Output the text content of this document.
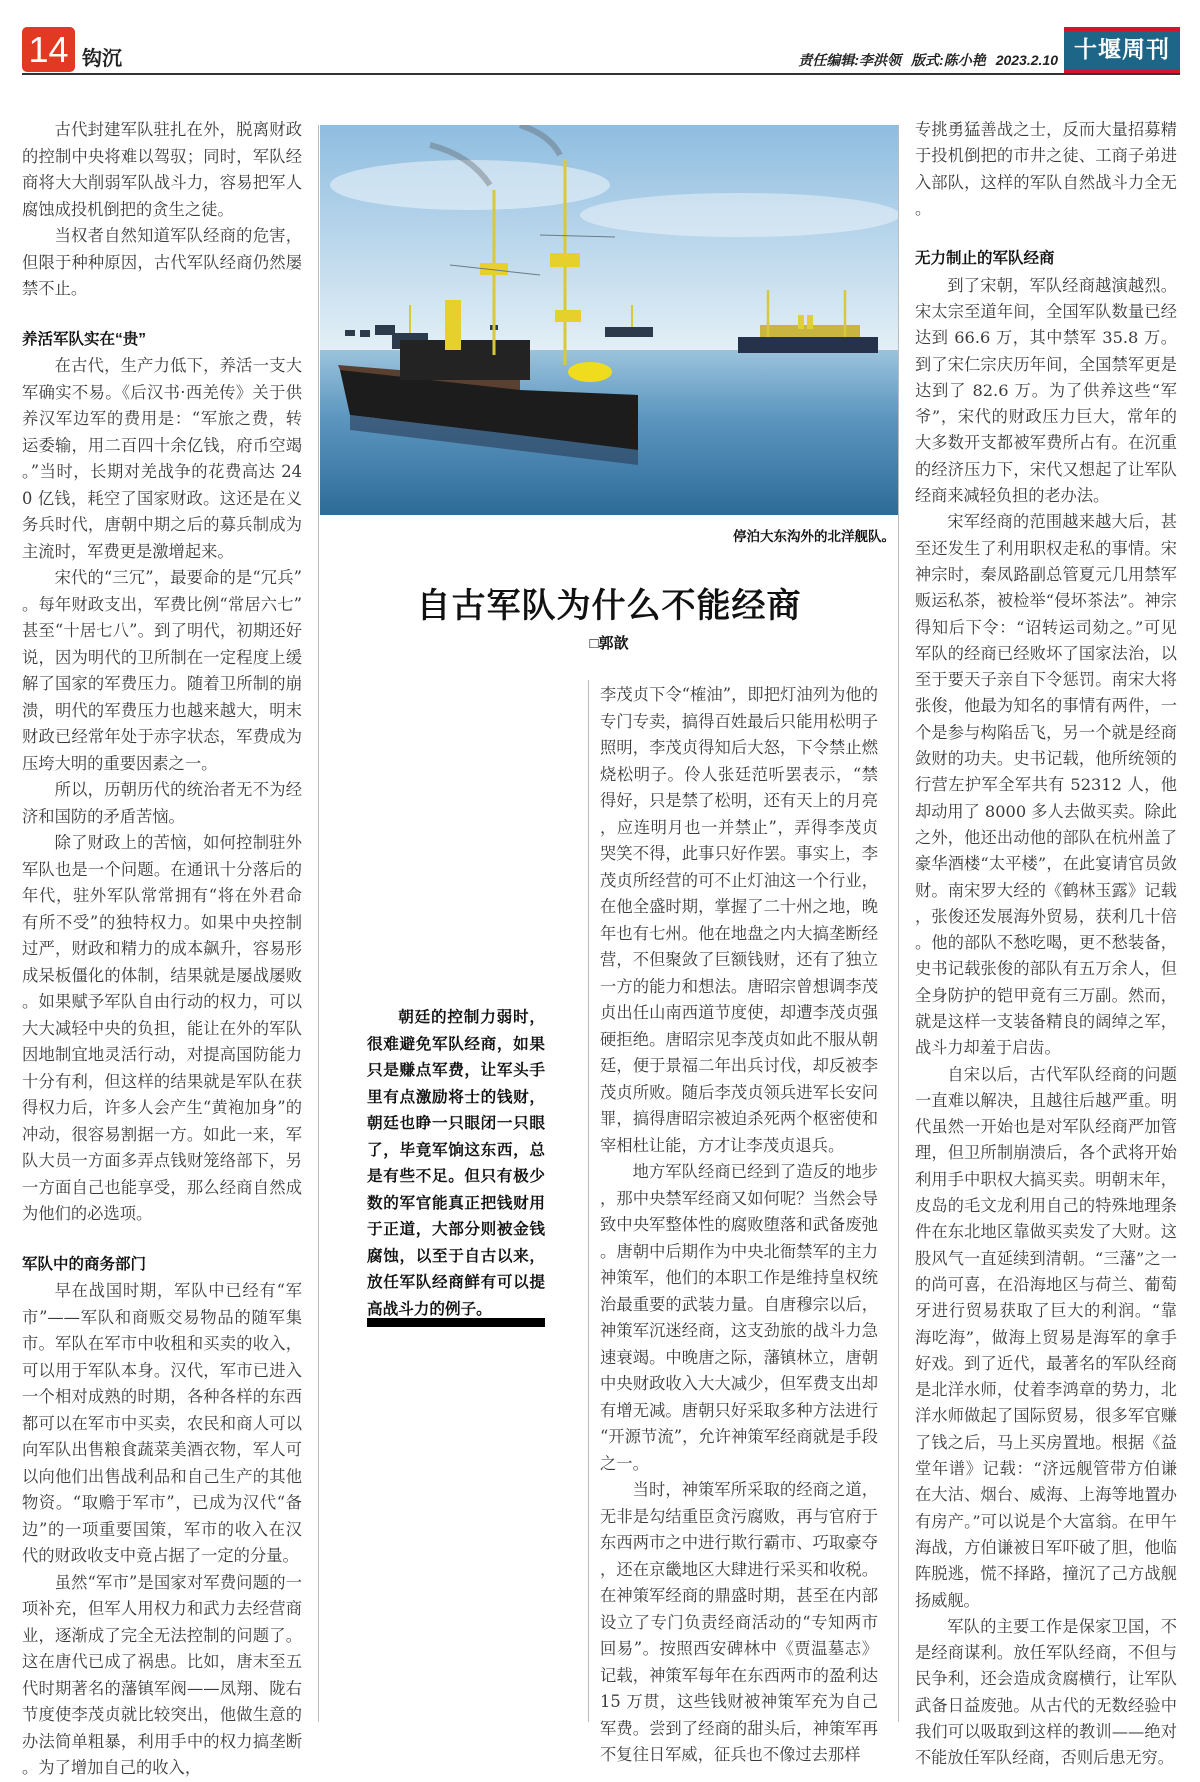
14 钩沉	责任编辑:李洪领 版式:陈小艳 2023.2.10 十堰周刊

古代封建军队驻扎在外，脱离财政的控制中央将难以驾驭；同时，军队经商将大大削弱军队战斗力，容易把军人腐蚀成投机倒把的贪生之徒。

当权者自然知道军队经商的危害，但限于种种原因，古代军队经商仍然屡禁不止。

养活军队实在“贵”

在古代，生产力低下，养活一支大军确实不易。《后汉书·西羌传》关于供养汉军边军的费用是：“军旅之费，转运委输，用二百四十余亿钱，府币空竭。”当时，长期对羌战争的花费高达 240 亿钱，耗空了国家财政。这还是在义务兵时代，唐朝中期之后的募兵制成为主流时，军费更是激增起来。

宋代的“三冗”，最要命的是“冗兵”。每年财政支出，军费比例“常居六七”甚至“十居七八”。到了明代，初期还好说，因为明代的卫所制在一定程度上缓解了国家的军费压力。随着卫所制的崩溃，明代的军费压力也越来越大，明末财政已经常年处于赤字状态，军费成为压垮大明的重要因素之一。

所以，历朝历代的统治者无不为经济和国防的矛盾苦恼。

除了财政上的苦恼，如何控制驻外军队也是一个问题。在通讯十分落后的年代，驻外军队常常拥有“将在外君命有所不受”的独特权力。如果中央控制过严，财政和精力的成本飙升，容易形成呆板僵化的体制，结果就是屡战屡败。如果赋予军队自由行动的权力，可以大大减轻中央的负担，能让在外的军队因地制宜地灵活行动，对提高国防能力十分有利，但这样的结果就是军队在获得权力后，许多人会产生“黄袍加身”的冲动，很容易割据一方。如此一来，军队大员一方面多弄点钱财笼络部下，另一方面自己也能享受，那么经商自然成为他们的必选项。

军队中的商务部门

早在战国时期，军队中已经有“军市”——军队和商贩交易物品的随军集市。军队在军市中收租和买卖的收入，可以用于军队本身。汉代，军市已进入一个相对成熟的时期，各种各样的东西都可以在军市中买卖，农民和商人可以向军队出售粮食蔬菜美酒衣物，军人可以向他们出售战利品和自己生产的其他物资。“取赡于军市”，已成为汉代“备边”的一项重要国策，军市的收入在汉代的财政收支中竟占据了一定的分量。

虽然“军市”是国家对军费问题的一项补充，但军人用权力和武力去经营商业，逐渐成了完全无法控制的问题了。这在唐代已成了祸患。比如，唐末至五代时期著名的藩镇军阀——凤翔、陇右节度使李茂贞就比较突出，他做生意的办法简单粗暴，利用手中的权力搞垄断。为了增加自己的收入，

停泊大东沟外的北洋舰队。
自古军队为什么不能经商
□郭歆

朝廷的控制力弱时，很难避免军队经商，如果只是赚点军费，让军头手里有点激励将士的钱财，朝廷也睁一只眼闭一只眼了，毕竟军饷这东西，总是有些不足。但只有极少数的军官能真正把钱财用于正道，大部分则被金钱腐蚀，以至于自古以来，放任军队经商鲜有可以提高战斗力的例子。

李茂贞下令“榷油”，即把灯油列为他的专门专卖，搞得百姓最后只能用松明子照明，李茂贞得知后大怒，下令禁止燃烧松明子。伶人张廷范听罢表示，“禁得好，只是禁了松明，还有天上的月亮，应连明月也一并禁止”，弄得李茂贞哭笑不得，此事只好作罢。事实上，李茂贞所经营的可不止灯油这一个行业，在他全盛时期，掌握了二十州之地，晚年也有七州。他在地盘之内大搞垄断经营，不但聚敛了巨额钱财，还有了独立一方的能力和想法。唐昭宗曾想调李茂贞出任山南西道节度使，却遭李茂贞强硬拒绝。唐昭宗见李茂贞如此不服从朝廷，便于景福二年出兵讨伐，却反被李茂贞所败。随后李茂贞领兵进军长安问罪，搞得唐昭宗被迫杀死两个枢密使和宰相杜让能，方才让李茂贞退兵。

地方军队经商已经到了造反的地步，那中央禁军经商又如何呢？当然会导致中央军整体性的腐败堕落和武备废弛。唐朝中后期作为中央北衙禁军的主力神策军，他们的本职工作是维持皇权统治最重要的武装力量。自唐穆宗以后，神策军沉迷经商，这支劲旅的战斗力急速衰竭。中晚唐之际，藩镇林立，唐朝中央财政收入大大减少，但军费支出却有增无减。唐朝只好采取多种方法进行“开源节流”，允许神策军经商就是手段之一。

当时，神策军所采取的经商之道，无非是勾结重臣贪污腐败，再与官府于东西两市之中进行欺行霸市、巧取豪夺，还在京畿地区大肆进行采买和收税。在神策军经商的鼎盛时期，甚至在内部设立了专门负责经商活动的“专知两市回易”。按照西安碑林中《贾温墓志》记载，神策军每年在东西两市的盈利达 15 万贯，这些钱财被神策军充为自己军费。尝到了经商的甜头后，神策军再不复往日军威，征兵也不像过去那样

专挑勇猛善战之士，反而大量招募精于投机倒把的市井之徒、工商子弟进入部队，这样的军队自然战斗力全无。

无力制止的军队经商

到了宋朝，军队经商越演越烈。宋太宗至道年间，全国军队数量已经达到 66.6 万，其中禁军 35.8 万。到了宋仁宗庆历年间，全国禁军更是达到了 82.6 万。为了供养这些“军爷”，宋代的财政压力巨大，常年的大多数开支都被军费所占有。在沉重的经济压力下，宋代又想起了让军队经商来减轻负担的老办法。

宋军经商的范围越来越大后，甚至还发生了利用职权走私的事情。宋神宗时，秦凤路副总管夏元几用禁军贩运私茶，被检举“侵坏茶法”。神宗得知后下令：“诏转运司劾之。”可见军队的经商已经败坏了国家法治，以至于要天子亲自下令惩罚。南宋大将张俊，他最为知名的事情有两件，一个是参与构陷岳飞，另一个就是经商敛财的功夫。史书记载，他所统领的行营左护军全军共有 52312 人，他却动用了 8000 多人去做买卖。除此之外，他还出动他的部队在杭州盖了豪华酒楼“太平楼”，在此宴请官员敛财。南宋罗大经的《鹤林玉露》记载，张俊还发展海外贸易，获利几十倍。他的部队不愁吃喝，更不愁装备，史书记载张俊的部队有五万余人，但全身防护的铠甲竟有三万副。然而，就是这样一支装备精良的阔绰之军，战斗力却羞于启齿。

自宋以后，古代军队经商的问题一直难以解决，且越往后越严重。明代虽然一开始也是对军队经商严加管理，但卫所制崩溃后，各个武将开始利用手中职权大搞买卖。明朝末年，皮岛的毛文龙利用自己的特殊地理条件在东北地区靠做买卖发了大财。这股风气一直延续到清朝。“三藩”之一的尚可喜，在沿海地区与荷兰、葡萄牙进行贸易获取了巨大的利润。“靠海吃海”，做海上贸易是海军的拿手好戏。到了近代，最著名的军队经商是北洋水师，仗着李鸿章的势力，北洋水师做起了国际贸易，很多军官赚了钱之后，马上买房置地。根据《益堂年谱》记载：“济远舰管带方伯谦在大沽、烟台、威海、上海等地置办有房产。”可以说是个大富翁。在甲午海战，方伯谦被日军吓破了胆，他临阵脱逃，慌不择路，撞沉了己方战舰扬威舰。

军队的主要工作是保家卫国，不是经商谋利。放任军队经商，不但与民争利，还会造成贪腐横行，让军队武备日益废弛。从古代的无数经验中我们可以吸取到这样的教训——绝对不能放任军队经商，否则后患无穷。
